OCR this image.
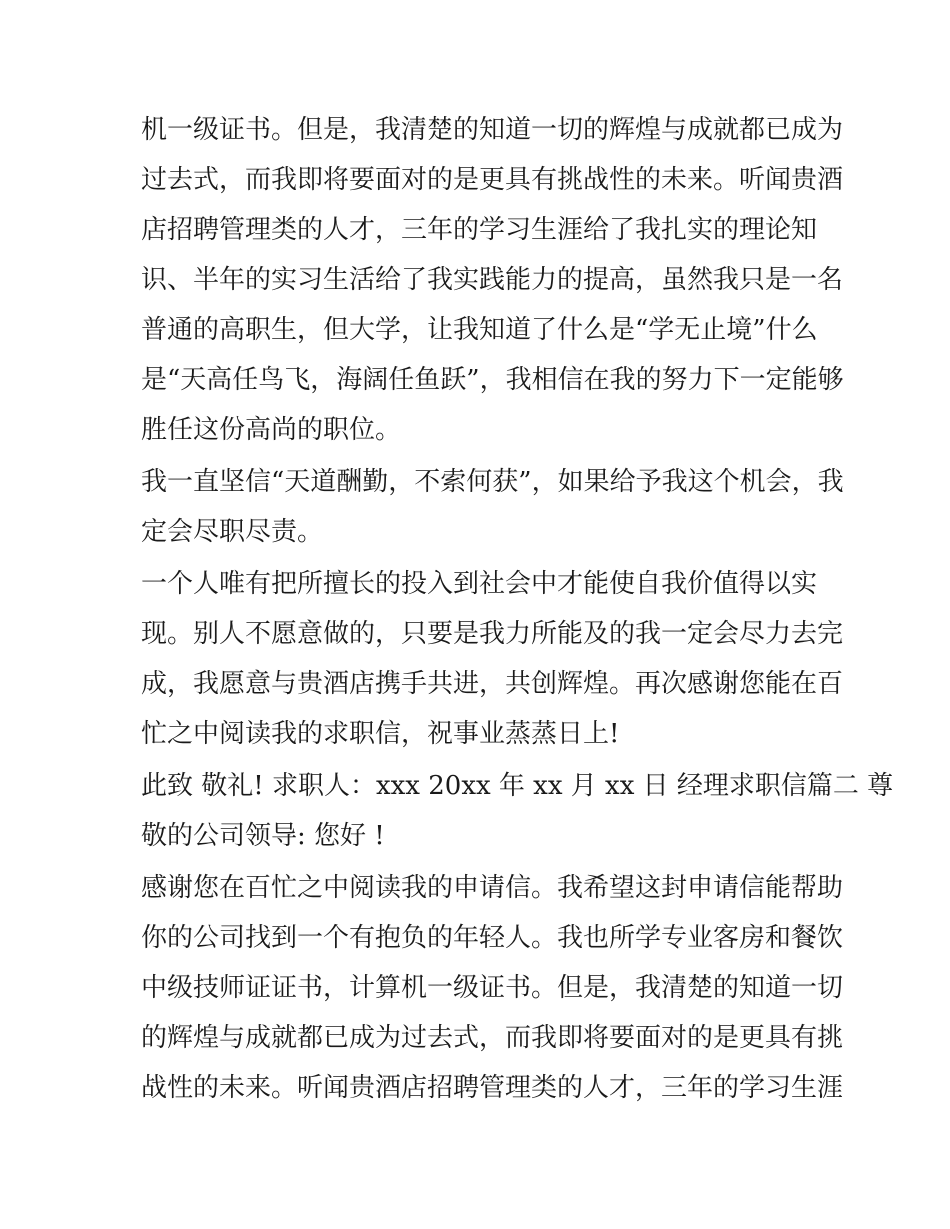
机一级证书。但是，我清楚的知道一切的辉煌与成就都已成为
过去式，而我即将要面对的是更具有挑战性的未来。听闻贵酒
店招聘管理类的人才，三年的学习生涯给了我扎实的理论知
识、半年的实习生活给了我实践能力的提高，虽然我只是一名
普通的高职生，但大学，让我知道了什么是“学无止境”什么
是“天高任鸟飞，海阔任鱼跃”，我相信在我的努力下一定能够
胜任这份高尚的职位。
我一直坚信“天道酬勤，不索何获”，如果给予我这个机会，我
定会尽职尽责。
一个人唯有把所擅长的投入到社会中才能使自我价值得以实
现。别人不愿意做的，只要是我力所能及的我一定会尽力去完
成，我愿意与贵酒店携手共进，共创辉煌。再次感谢您能在百
忙之中阅读我的求职信，祝事业蒸蒸日上!
此致 敬礼! 求职人：xxx 20xx 年 xx 月 xx 日 经理求职信篇二 尊
敬的公司领导: 您好 !
感谢您在百忙之中阅读我的申请信。我希望这封申请信能帮助
你的公司找到一个有抱负的年轻人。我也所学专业客房和餐饮
中级技师证证书，计算机一级证书。但是，我清楚的知道一切
的辉煌与成就都已成为过去式，而我即将要面对的是更具有挑
战性的未来。听闻贵酒店招聘管理类的人才，三年的学习生涯
